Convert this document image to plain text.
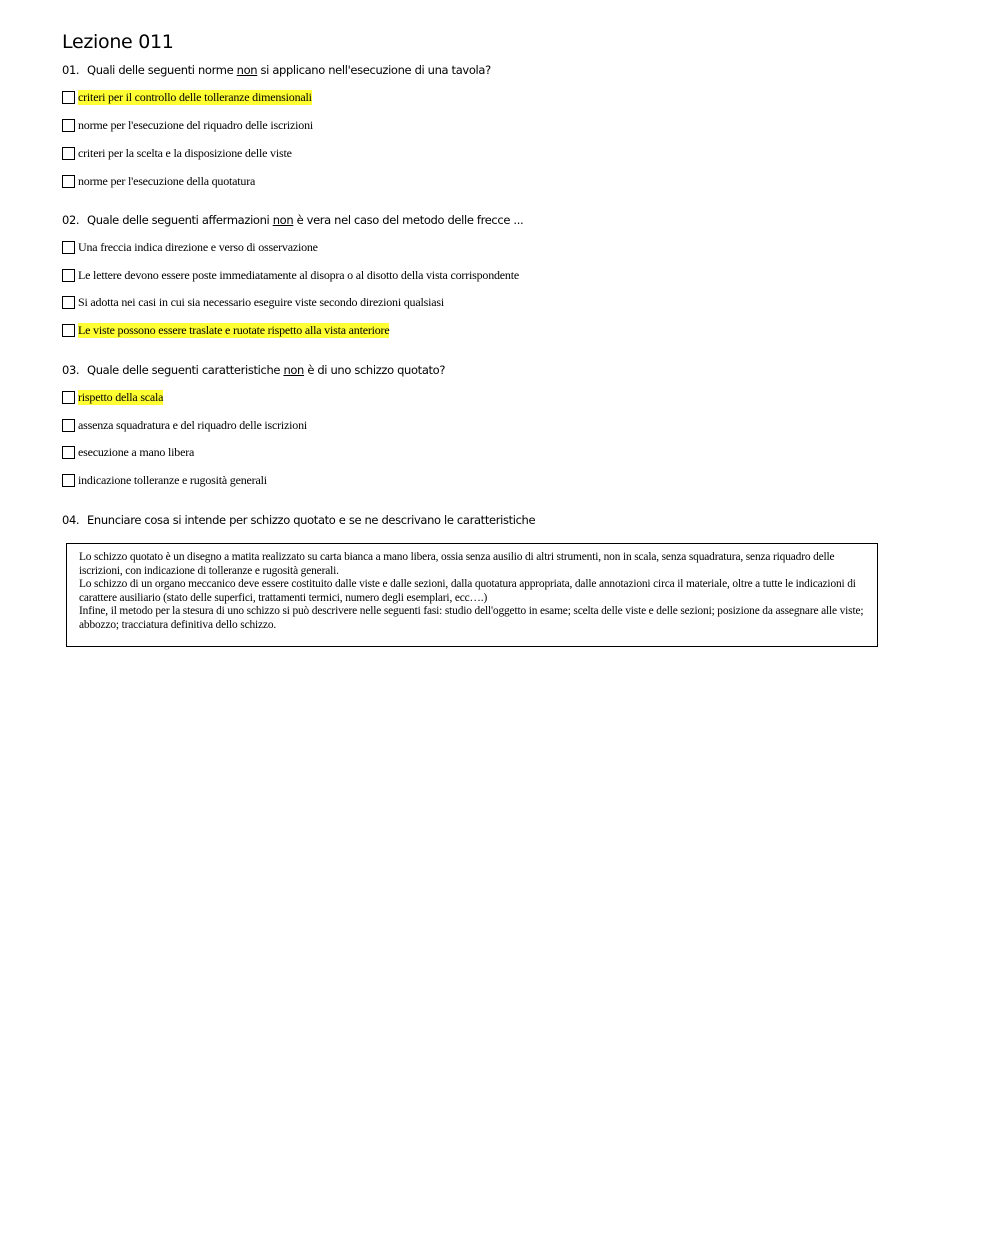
Lezione 011
01. Quali delle seguenti norme non si applicano nell'esecuzione di una tavola?
criteri per il controllo delle tolleranze dimensionali
norme per l'esecuzione del riquadro delle iscrizioni
criteri per la scelta e la disposizione delle viste
norme per l'esecuzione della quotatura
02. Quale delle seguenti affermazioni non è vera nel caso del metodo delle frecce ...
Una freccia indica direzione e verso di osservazione
Le lettere devono essere poste immediatamente al disopra o al disotto della vista corrispondente
Si adotta nei casi in cui sia necessario eseguire viste secondo direzioni qualsiasi
Le viste possono essere traslate e ruotate rispetto alla vista anteriore
03. Quale delle seguenti caratteristiche non è di uno schizzo quotato?
rispetto della scala
assenza squadratura e del riquadro delle iscrizioni
esecuzione a mano libera
indicazione tolleranze e rugosità generali
04. Enunciare cosa si intende per schizzo quotato e se ne descrivano le caratteristiche

Lo schizzo quotato è un disegno a matita realizzato su carta bianca a mano libera, ossia senza ausilio di altri strumenti, non in scala, senza squadratura, senza riquadro delle iscrizioni, con indicazione di tolleranze e rugosità generali.

Lo schizzo di un organo meccanico deve essere costituito dalle viste e dalle sezioni, dalla quotatura appropriata, dalle annotazioni circa il materiale, oltre a tutte le indicazioni di carattere ausiliario (stato delle superfici, trattamenti termici, numero degli esemplari, ecc….)

Infine, il metodo per la stesura di uno schizzo si può descrivere nelle seguenti fasi: studio dell'oggetto in esame; scelta delle viste e delle sezioni; posizione da assegnare alle viste; abbozzo; tracciatura definitiva dello schizzo.
